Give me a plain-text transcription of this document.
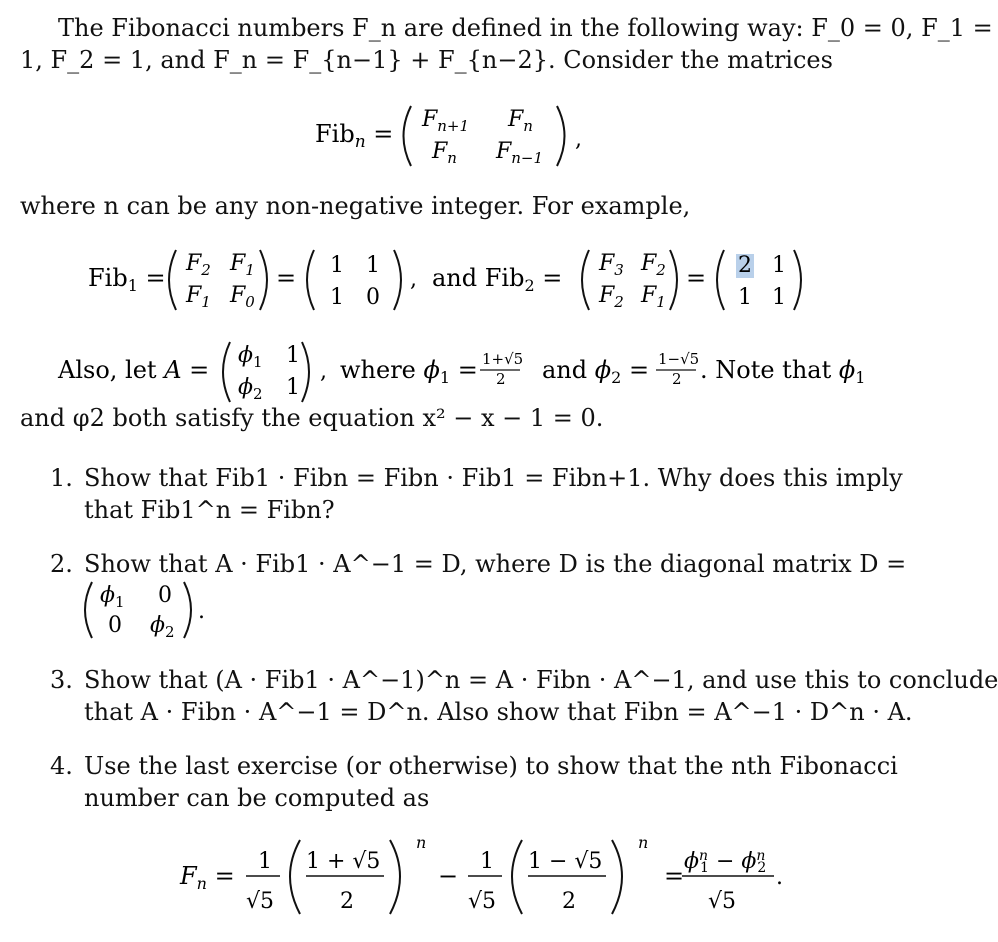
The Fibonacci numbers F_n are defined in the following way: F_0 = 0, F_1 =
1, F_2 = 1, and F_n = F_{n−1} + F_{n−2}. Consider the matrices
Fib$_n$ =
$F_{n+1}$ $F_n$
$F_n$ $F_{n-1}$
,
where n can be any non-negative integer. For example,
Fib$_1$ =
$F_2$ $F_1$
$F_1$ $F_0$
= 1 1
1 0
, and Fib$_2$ =
$F_3$ $F_2$
$F_2$ $F_1$
= 2 1
1 1
Also, let A =
$\phi_1$ 1
$\phi_2$ 1
, where $\phi_1 = 1+√5$
2 and $\phi_2 = 1-√5$
2 . Note that $\phi_1$
and φ2 both satisfy the equation x² − x − 1 = 0.
1. Show that Fib1 · Fibn = Fibn · Fib1 = Fibn+1. Why does this imply
that Fib1^n = Fibn?
2. Show that A · Fib1 · A^−1 = D, where D is the diagonal matrix D =
$\phi_1$ 0
0 $\phi_2$
.
3. Show that (A · Fib1 · A^−1)^n = A · Fibn · A^−1, and use this to conclude
that A · Fibn · A^−1 = D^n. Also show that Fibn = A^−1 · D^n · A.
4. Use the last exercise (or otherwise) to show that the nth Fibonacci
number can be computed as
$F_n$ =
1
√5
1 + √5
2
n
−
1
√5
1 − √5
2
n
=
$\phi^n$ $1 - \phi^n$ 2
√5
.
